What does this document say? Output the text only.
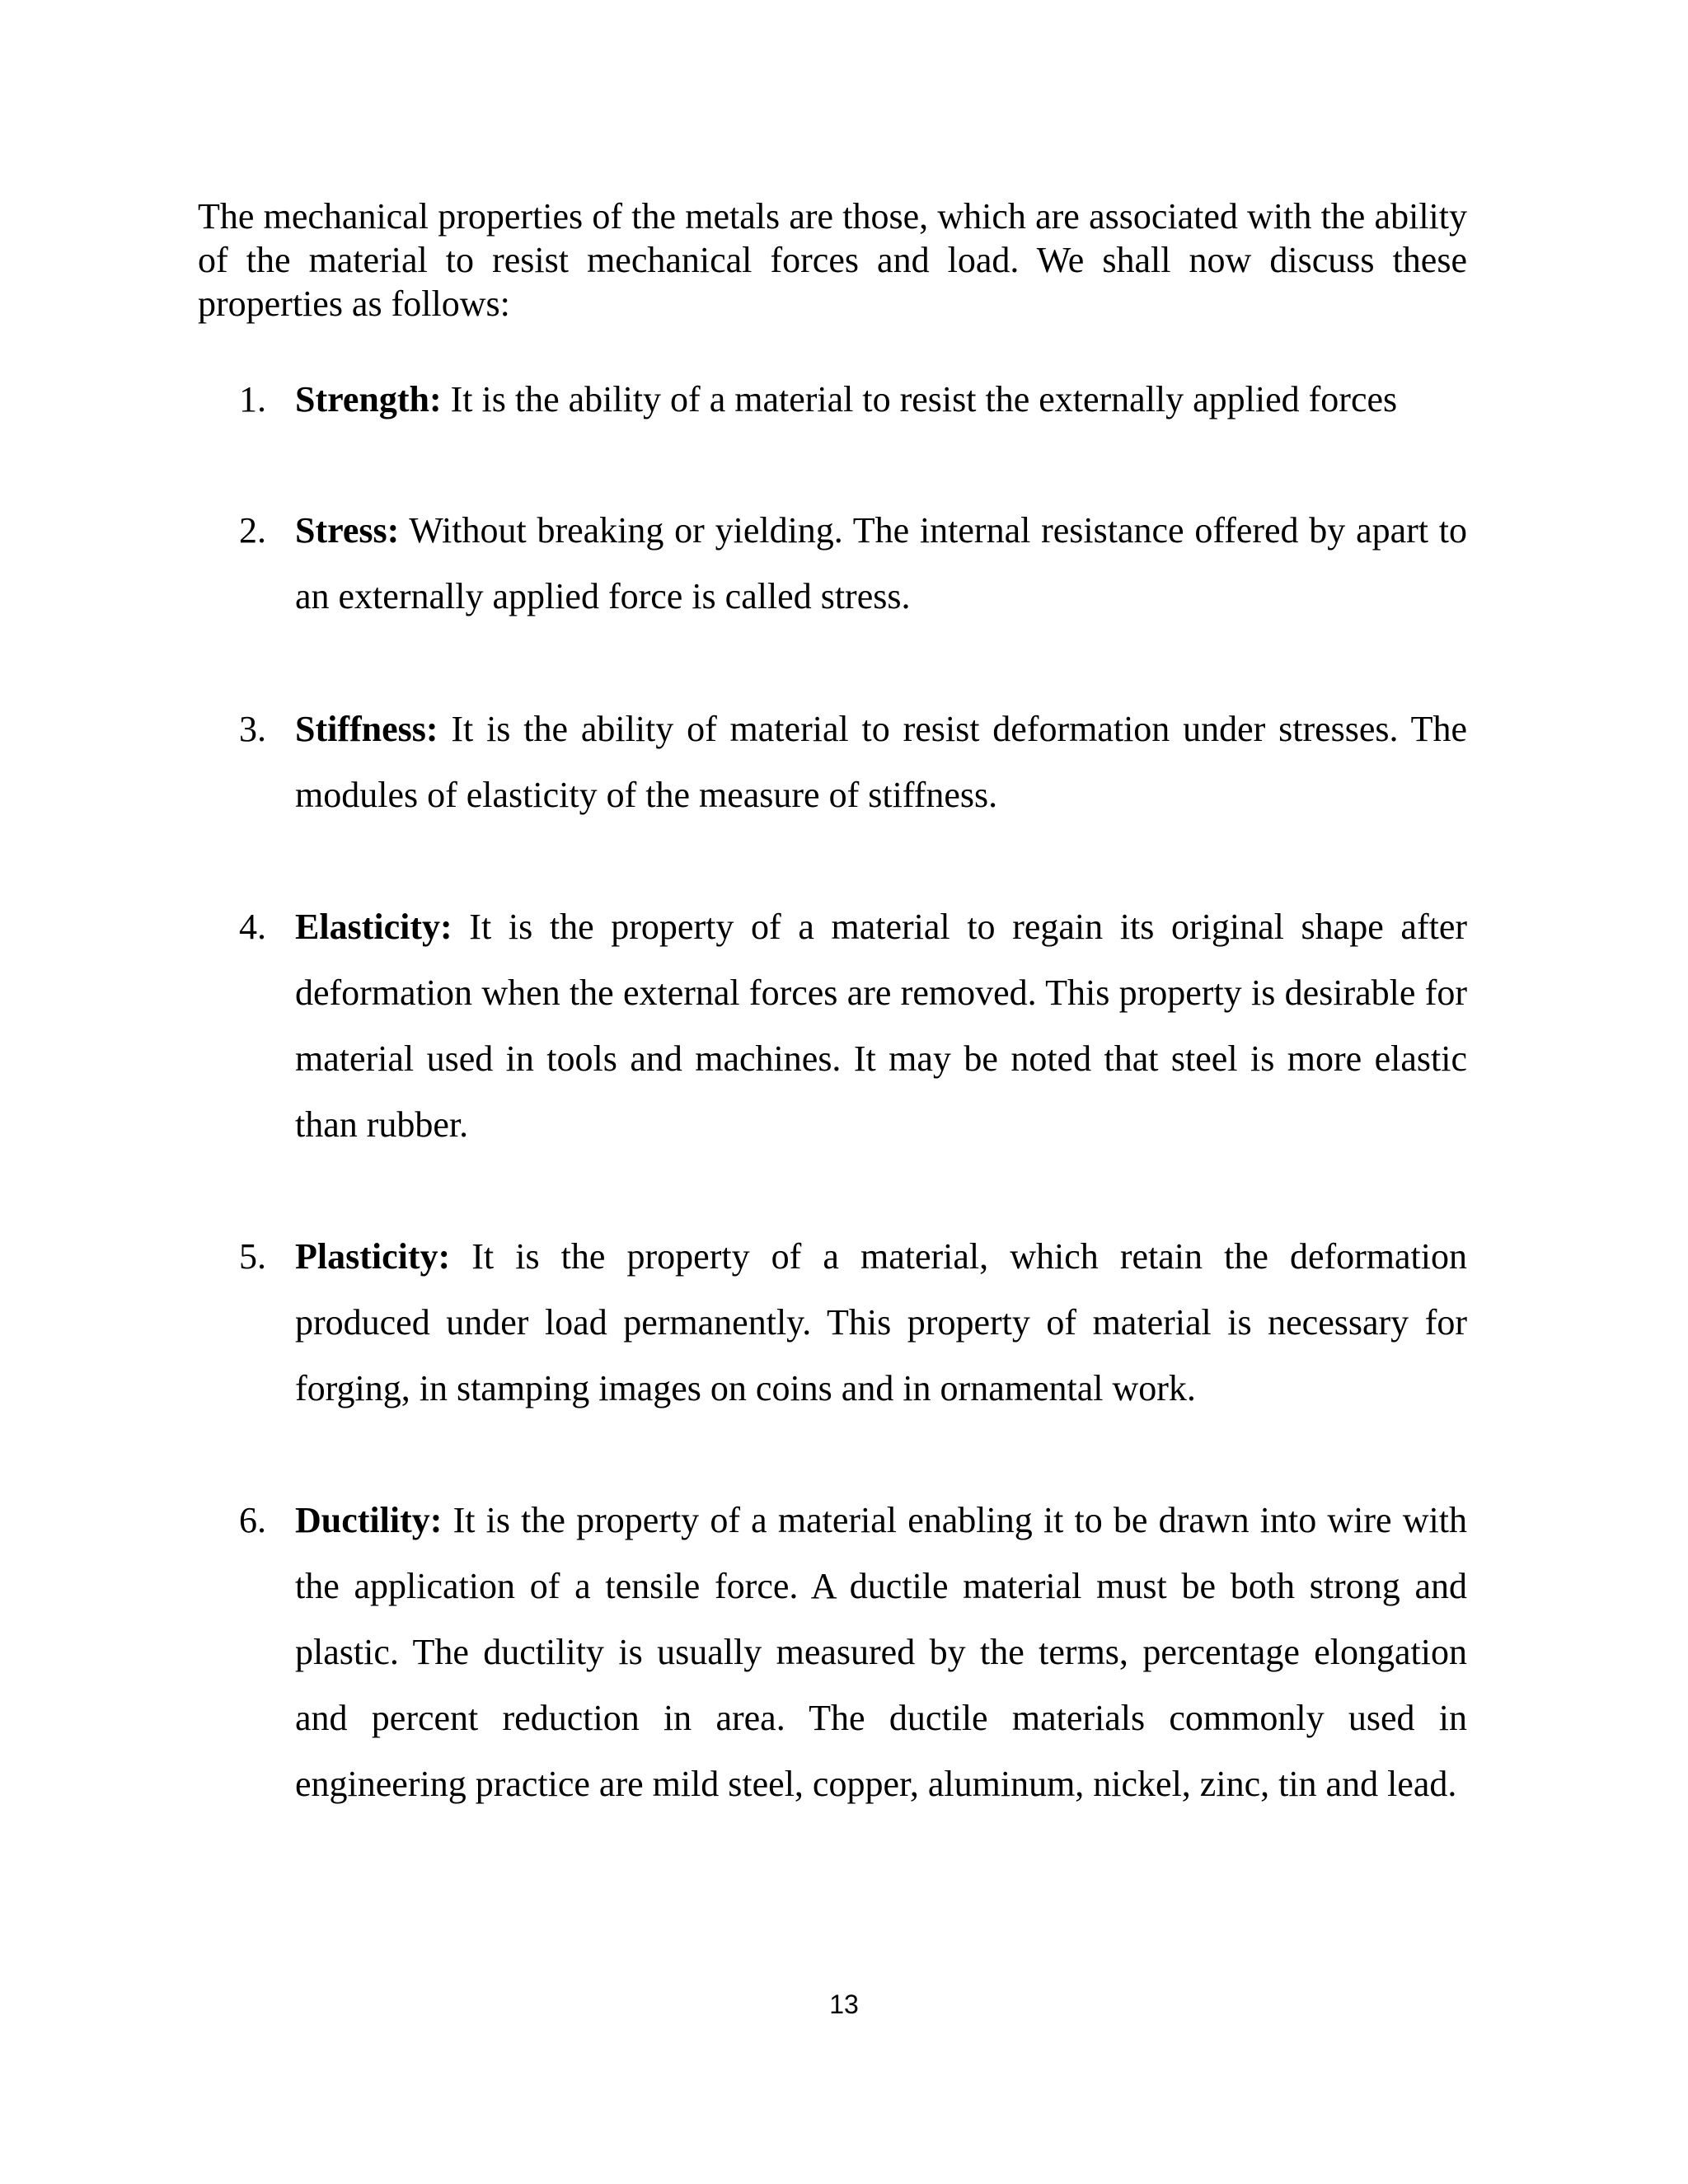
The mechanical properties of the metals are those, which are associated with the ability of the material to resist mechanical forces and load. We shall now discuss these properties as follows:

1. Strength: It is the ability of a material to resist the externally applied forces
2. Stress: Without breaking or yielding. The internal resistance offered by apart to an externally applied force is called stress.
3. Stiffness: It is the ability of material to resist deformation under stresses. The modules of elasticity of the measure of stiffness.
4. Elasticity: It is the property of a material to regain its original shape after deformation when the external forces are removed. This property is desirable for material used in tools and machines. It may be noted that steel is more elastic than rubber.
5. Plasticity: It is the property of a material, which retain the deformation produced under load permanently. This property of material is necessary for forging, in stamping images on coins and in ornamental work.
6. Ductility: It is the property of a material enabling it to be drawn into wire with the application of a tensile force. A ductile material must be both strong and plastic. The ductility is usually measured by the terms, percentage elongation and percent reduction in area. The ductile materials commonly used in engineering practice are mild steel, copper, aluminum, nickel, zinc, tin and lead.

13
